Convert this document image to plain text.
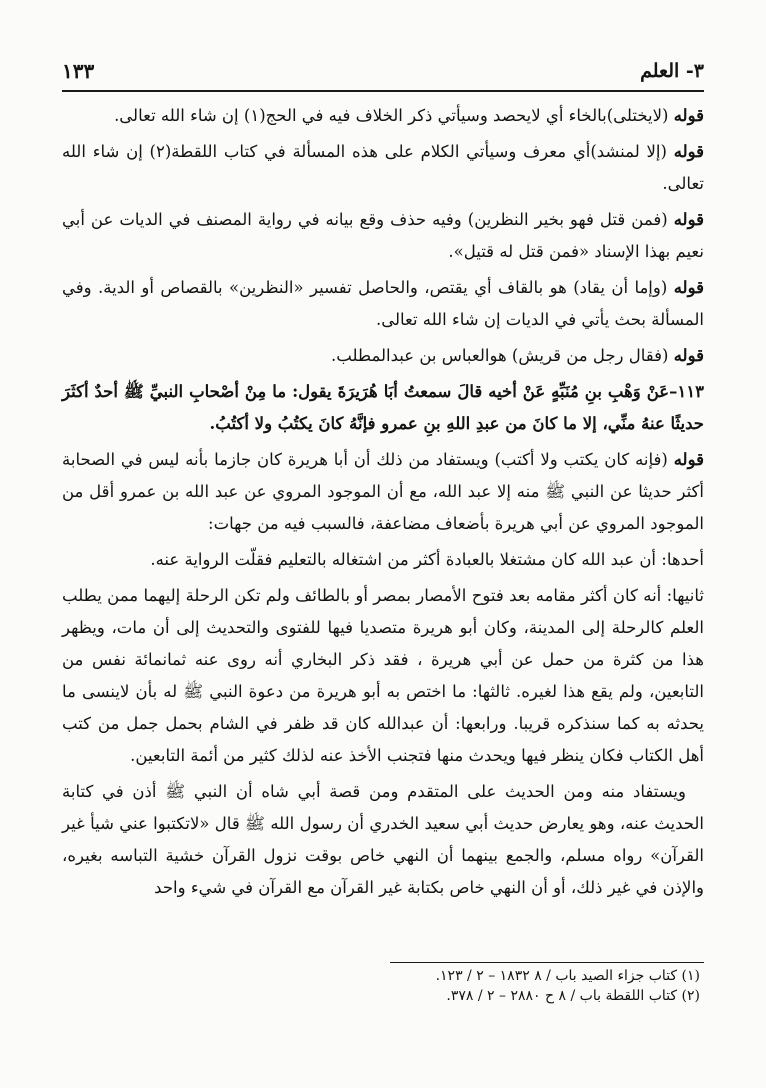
٣- العلم
١٣٣

قوله (لايختلى)بالخاء أي لايحصد وسيأتي ذكر الخلاف فيه في الحج(١) إن شاء الله تعالى.

قوله (إلا لمنشد)أي معرف وسيأتي الكلام على هذه المسألة في كتاب اللقطة(٢) إن شاء الله تعالى.

قوله (فمن قتل فهو بخير النظرين) وفيه حذف وقع بيانه في رواية المصنف في الديات عن أبي نعيم بهذا الإسناد «فمن قتل له قتيل».

قوله (وإما أن يقاد) هو بالقاف أي يقتص، والحاصل تفسير «النظرين» بالقصاص أو الدية. وفي المسألة بحث يأتي في الديات إن شاء الله تعالى.

قوله (فقال رجل من قريش) هوالعباس بن عبدالمطلب.

١١٣–عَنْ وَهْبِ بنِ مُنَبِّهٍ عَنْ أخيه قالَ سمعتُ أبَا هُرَيرَةَ يقول: ما مِنْ أصْحابِ النبيِّ ﷺ أحدٌ أكثَرَ حديثًا عنهُ منِّي، إلا ما كانَ من عبدِ اللهِ بنِ عمرو فإنَّهُ كانَ يكتُبُ ولا أكتُبُ.

قوله (فإنه كان يكتب ولا أكتب) ويستفاد من ذلك أن أبا هريرة كان جازما بأنه ليس في الصحابة أكثر حديثا عن النبي ﷺ منه إلا عبد الله، مع أن الموجود المروي عن عبد الله بن عمرو أقل من الموجود المروي عن أبي هريرة بأضعاف مضاعفة، فالسبب فيه من جهات:

أحدها: أن عبد الله كان مشتغلا بالعبادة أكثر من اشتغاله بالتعليم فقلّت الرواية عنه.

ثانيها: أنه كان أكثر مقامه بعد فتوح الأمصار بمصر أو بالطائف ولم تكن الرحلة إليهما ممن يطلب العلم كالرحلة إلى المدينة، وكان أبو هريرة متصديا فيها للفتوى والتحديث إلى أن مات، ويظهر هذا من كثرة من حمل عن أبي هريرة ، فقد ذكر البخاري أنه روى عنه ثمانمائة نفس من التابعين، ولم يقع هذا لغيره. ثالثها: ما اختص به أبو هريرة من دعوة النبي ﷺ له بأن لاينسى ما يحدثه به كما سنذكره قريبا. ورابعها: أن عبدالله كان قد ظفر في الشام بحمل جمل من كتب أهل الكتاب فكان ينظر فيها ويحدث منها فتجنب الأخذ عنه لذلك كثير من أئمة التابعين.

ويستفاد منه ومن الحديث على المتقدم ومن قصة أبي شاه أن النبي ﷺ أذن في كتابة الحديث عنه، وهو يعارض حديث أبي سعيد الخدري أن رسول الله ﷺ قال «لاتكتبوا عني شيأ غير القرآن» رواه مسلم، والجمع بينهما أن النهي خاص بوقت نزول القرآن خشية التباسه بغيره، والإذن في غير ذلك، أو أن النهي خاص بكتابة غير القرآن مع القرآن في شيء واحد

(١) كتاب جزاء الصيد باب / ٨ ١٨٣٢ – ٢ / ١٢٣.
(٢) كتاب اللقطة باب / ٨ ح ٢٨٨٠ – ٢ / ٣٧٨.
